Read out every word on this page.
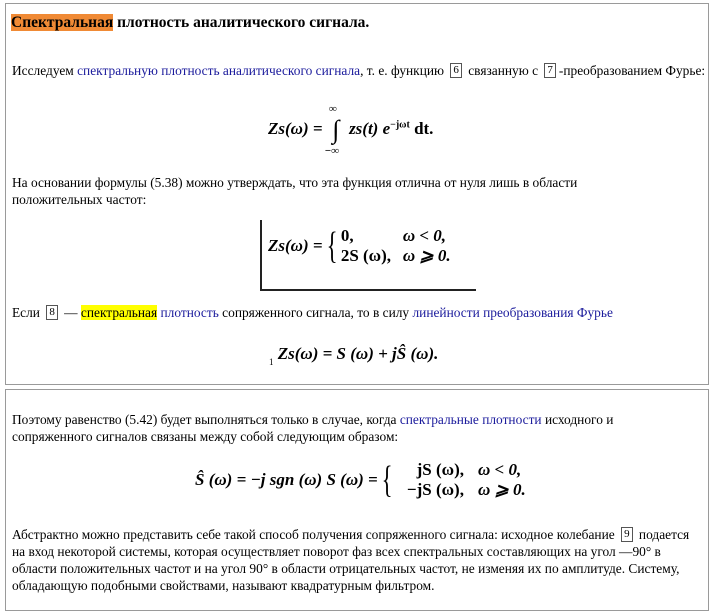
Спектральная плотность аналитического сигнала.
Исследуем спектральную плотность аналитического сигнала, т. е. функцию 6 связанную с 7 -преобразованием Фурье:
Zs(ω) =
∞
∫
−∞
zs(t) $e^{-j\omega t}$ dt.
На основании формулы (5.38) можно утверждать, что эта функция отлична от нуля лишь в области положительных частот:
Zs(ω) ={ 0,	ω < 0,
2S (ω), ω ⩾ 0.
Если 8 — спектральная плотность сопряженного сигнала, то в силу линейности преобразования Фурье
$_1$ Zs(ω) = S (ω) + jŜ (ω).
Поэтому равенство (5.42) будет выполняться только в случае, когда спектральные плотности исходного и сопряженного сигналов связаны между собой следующим образом:
Ŝ (ω) = −j sgn (ω) S (ω) ={ jS (ω), ω < 0,
−jS (ω), ω ⩾ 0.
Абстрактно можно представить себе такой способ получения сопряженного сигнала: исходное колебание 9 подается на вход некоторой системы, которая осуществляет поворот фаз всех спектральных составляющих на угол —90° в области положительных частот и на угол 90° в области отрицательных частот, не изменяя их по амплитуде. Систему, обладающую подобными свойствами, называют квадратурным фильтром.
